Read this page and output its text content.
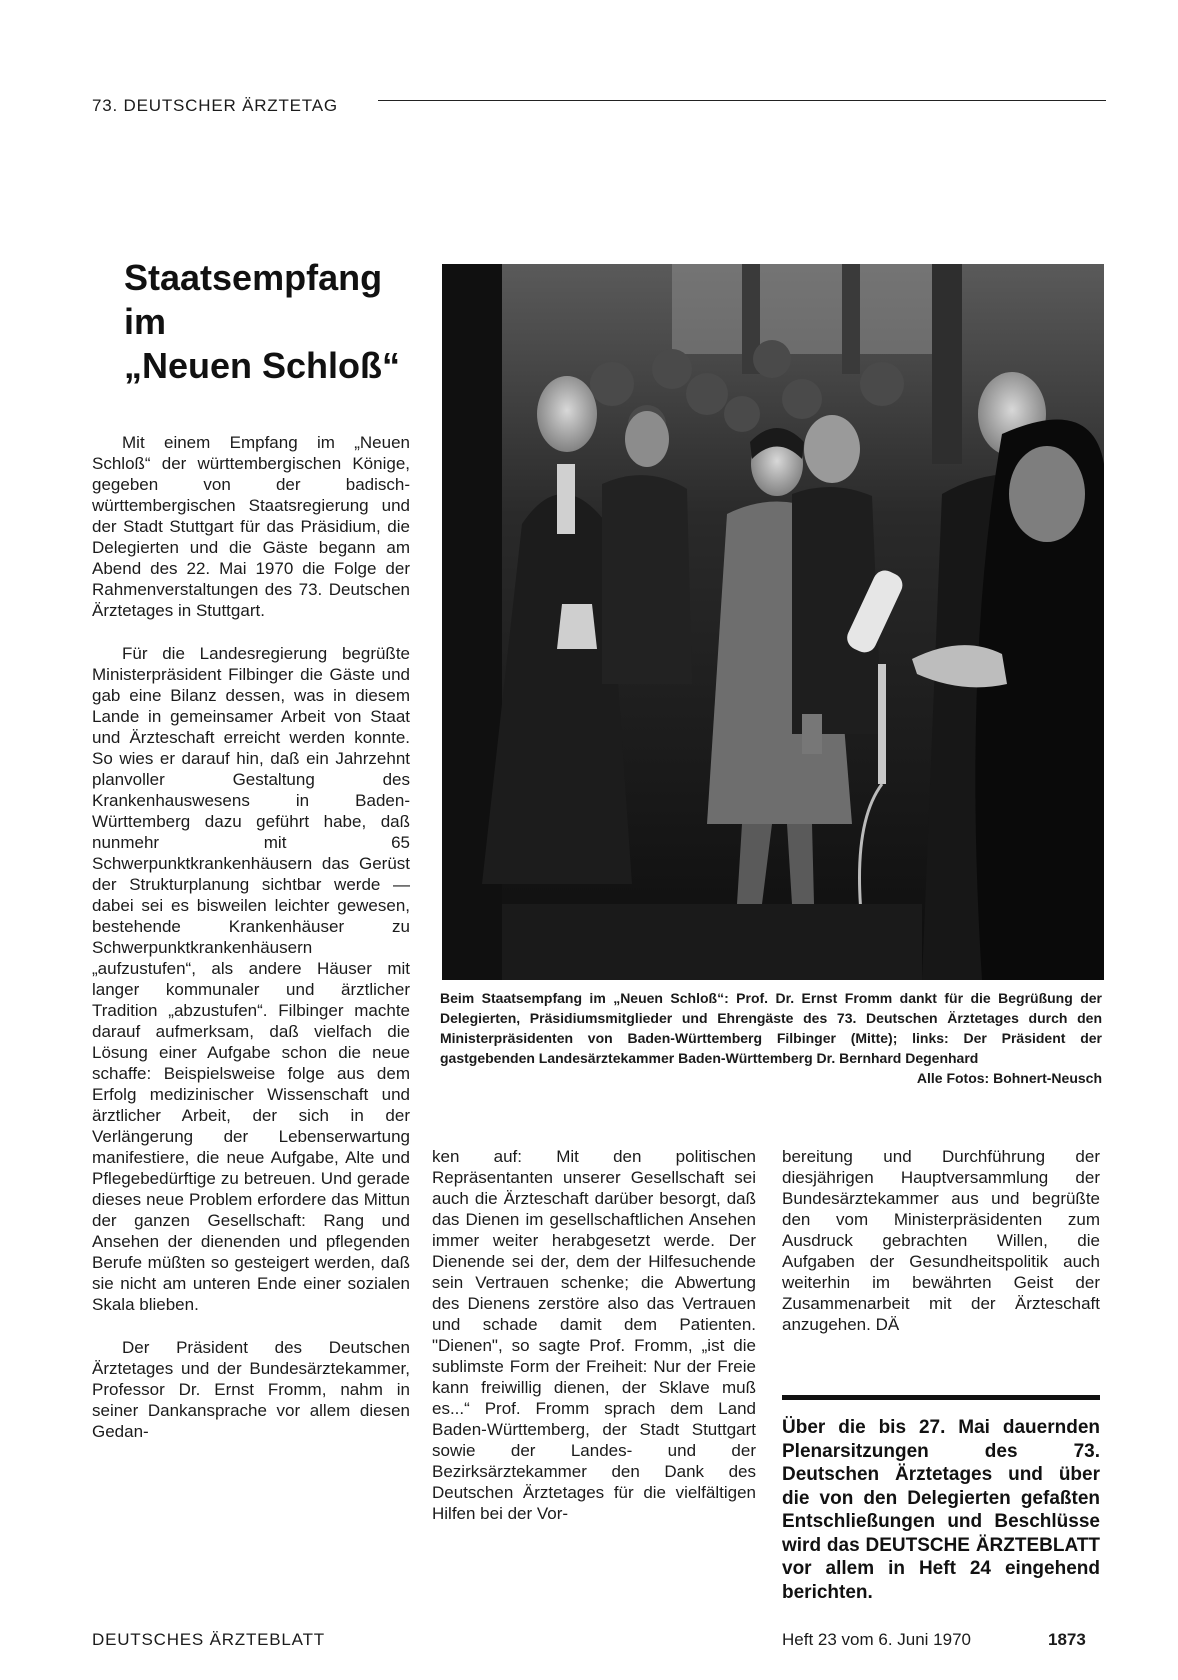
73. DEUTSCHER ÄRZTETAG
Staatsempfang
im
„Neuen Schloß“

Mit einem Empfang im „Neuen Schloß“ der württembergischen Könige, gegeben von der badisch-württembergischen Staatsregierung und der Stadt Stuttgart für das Präsidium, die Delegierten und die Gäste begann am Abend des 22. Mai 1970 die Folge der Rahmenverstaltungen des 73. Deutschen Ärztetages in Stuttgart.

Für die Landesregierung begrüßte Ministerpräsident Filbinger die Gäste und gab eine Bilanz dessen, was in diesem Lande in gemeinsamer Arbeit von Staat und Ärzteschaft erreicht werden konnte. So wies er darauf hin, daß ein Jahrzehnt planvoller Gestaltung des Krankenhauswesens in Baden-Württemberg dazu geführt habe, daß nunmehr mit 65 Schwerpunktkrankenhäusern das Gerüst der Strukturplanung sichtbar werde — dabei sei es bisweilen leichter gewesen, bestehende Krankenhäuser zu Schwerpunktkrankenhäusern „aufzustufen“, als andere Häuser mit langer kommunaler und ärztlicher Tradition „abzustufen“. Filbinger machte darauf aufmerksam, daß vielfach die Lösung einer Aufgabe schon die neue schaffe: Beispielsweise folge aus dem Erfolg medizinischer Wissenschaft und ärztlicher Arbeit, der sich in der Verlängerung der Lebenserwartung manifestiere, die neue Aufgabe, Alte und Pflegebedürftige zu betreuen. Und gerade dieses neue Problem erfordere das Mittun der ganzen Gesellschaft: Rang und Ansehen der dienenden und pflegenden Berufe müßten so gesteigert werden, daß sie nicht am unteren Ende einer sozialen Skala blieben.

Der Präsident des Deutschen Ärztetages und der Bundesärztekammer, Professor Dr. Ernst Fromm, nahm in seiner Dankansprache vor allem diesen Gedan-

Beim Staatsempfang im „Neuen Schloß“: Prof. Dr. Ernst Fromm dankt für die Begrüßung der Delegierten, Präsidiumsmitglieder und Ehrengäste des 73. Deutschen Ärztetages durch den Ministerpräsidenten von Baden-Württemberg Filbinger (Mitte); links: Der Präsident der gastgebenden Landesärztekammer Baden-Württemberg Dr. Bernhard Degenhard
Alle Fotos: Bohnert-Neusch

ken auf: Mit den politischen Repräsentanten unserer Gesellschaft sei auch die Ärzteschaft darüber besorgt, daß das Dienen im gesellschaftlichen Ansehen immer weiter herabgesetzt werde. Der Dienende sei der, dem der Hilfesuchende sein Vertrauen schenke; die Abwertung des Dienens zerstöre also das Vertrauen und schade damit dem Patienten. "Dienen", so sagte Prof. Fromm, „ist die sublimste Form der Freiheit: Nur der Freie kann freiwillig dienen, der Sklave muß es...“ Prof. Fromm sprach dem Land Baden-Württemberg, der Stadt Stuttgart sowie der Landes- und der Bezirksärztekammer den Dank des Deutschen Ärztetages für die vielfältigen Hilfen bei der Vor-

bereitung und Durchführung der diesjährigen Hauptversammlung der Bundesärztekammer aus und begrüßte den vom Ministerpräsidenten zum Ausdruck gebrachten Willen, die Aufgaben der Gesundheitspolitik auch weiterhin im bewährten Geist der Zusammenarbeit mit der Ärzteschaft anzugehen. DÄ

Über die bis 27. Mai dauernden Plenarsitzungen des 73. Deutschen Ärztetages und über die von den Delegierten gefaßten Entschließungen und Beschlüsse wird das DEUTSCHE ÄRZTEBLATT vor allem in Heft 24 eingehend berichten.
DEUTSCHES ÄRZTEBLATT	Heft 23 vom 6. Juni 1970	1873
